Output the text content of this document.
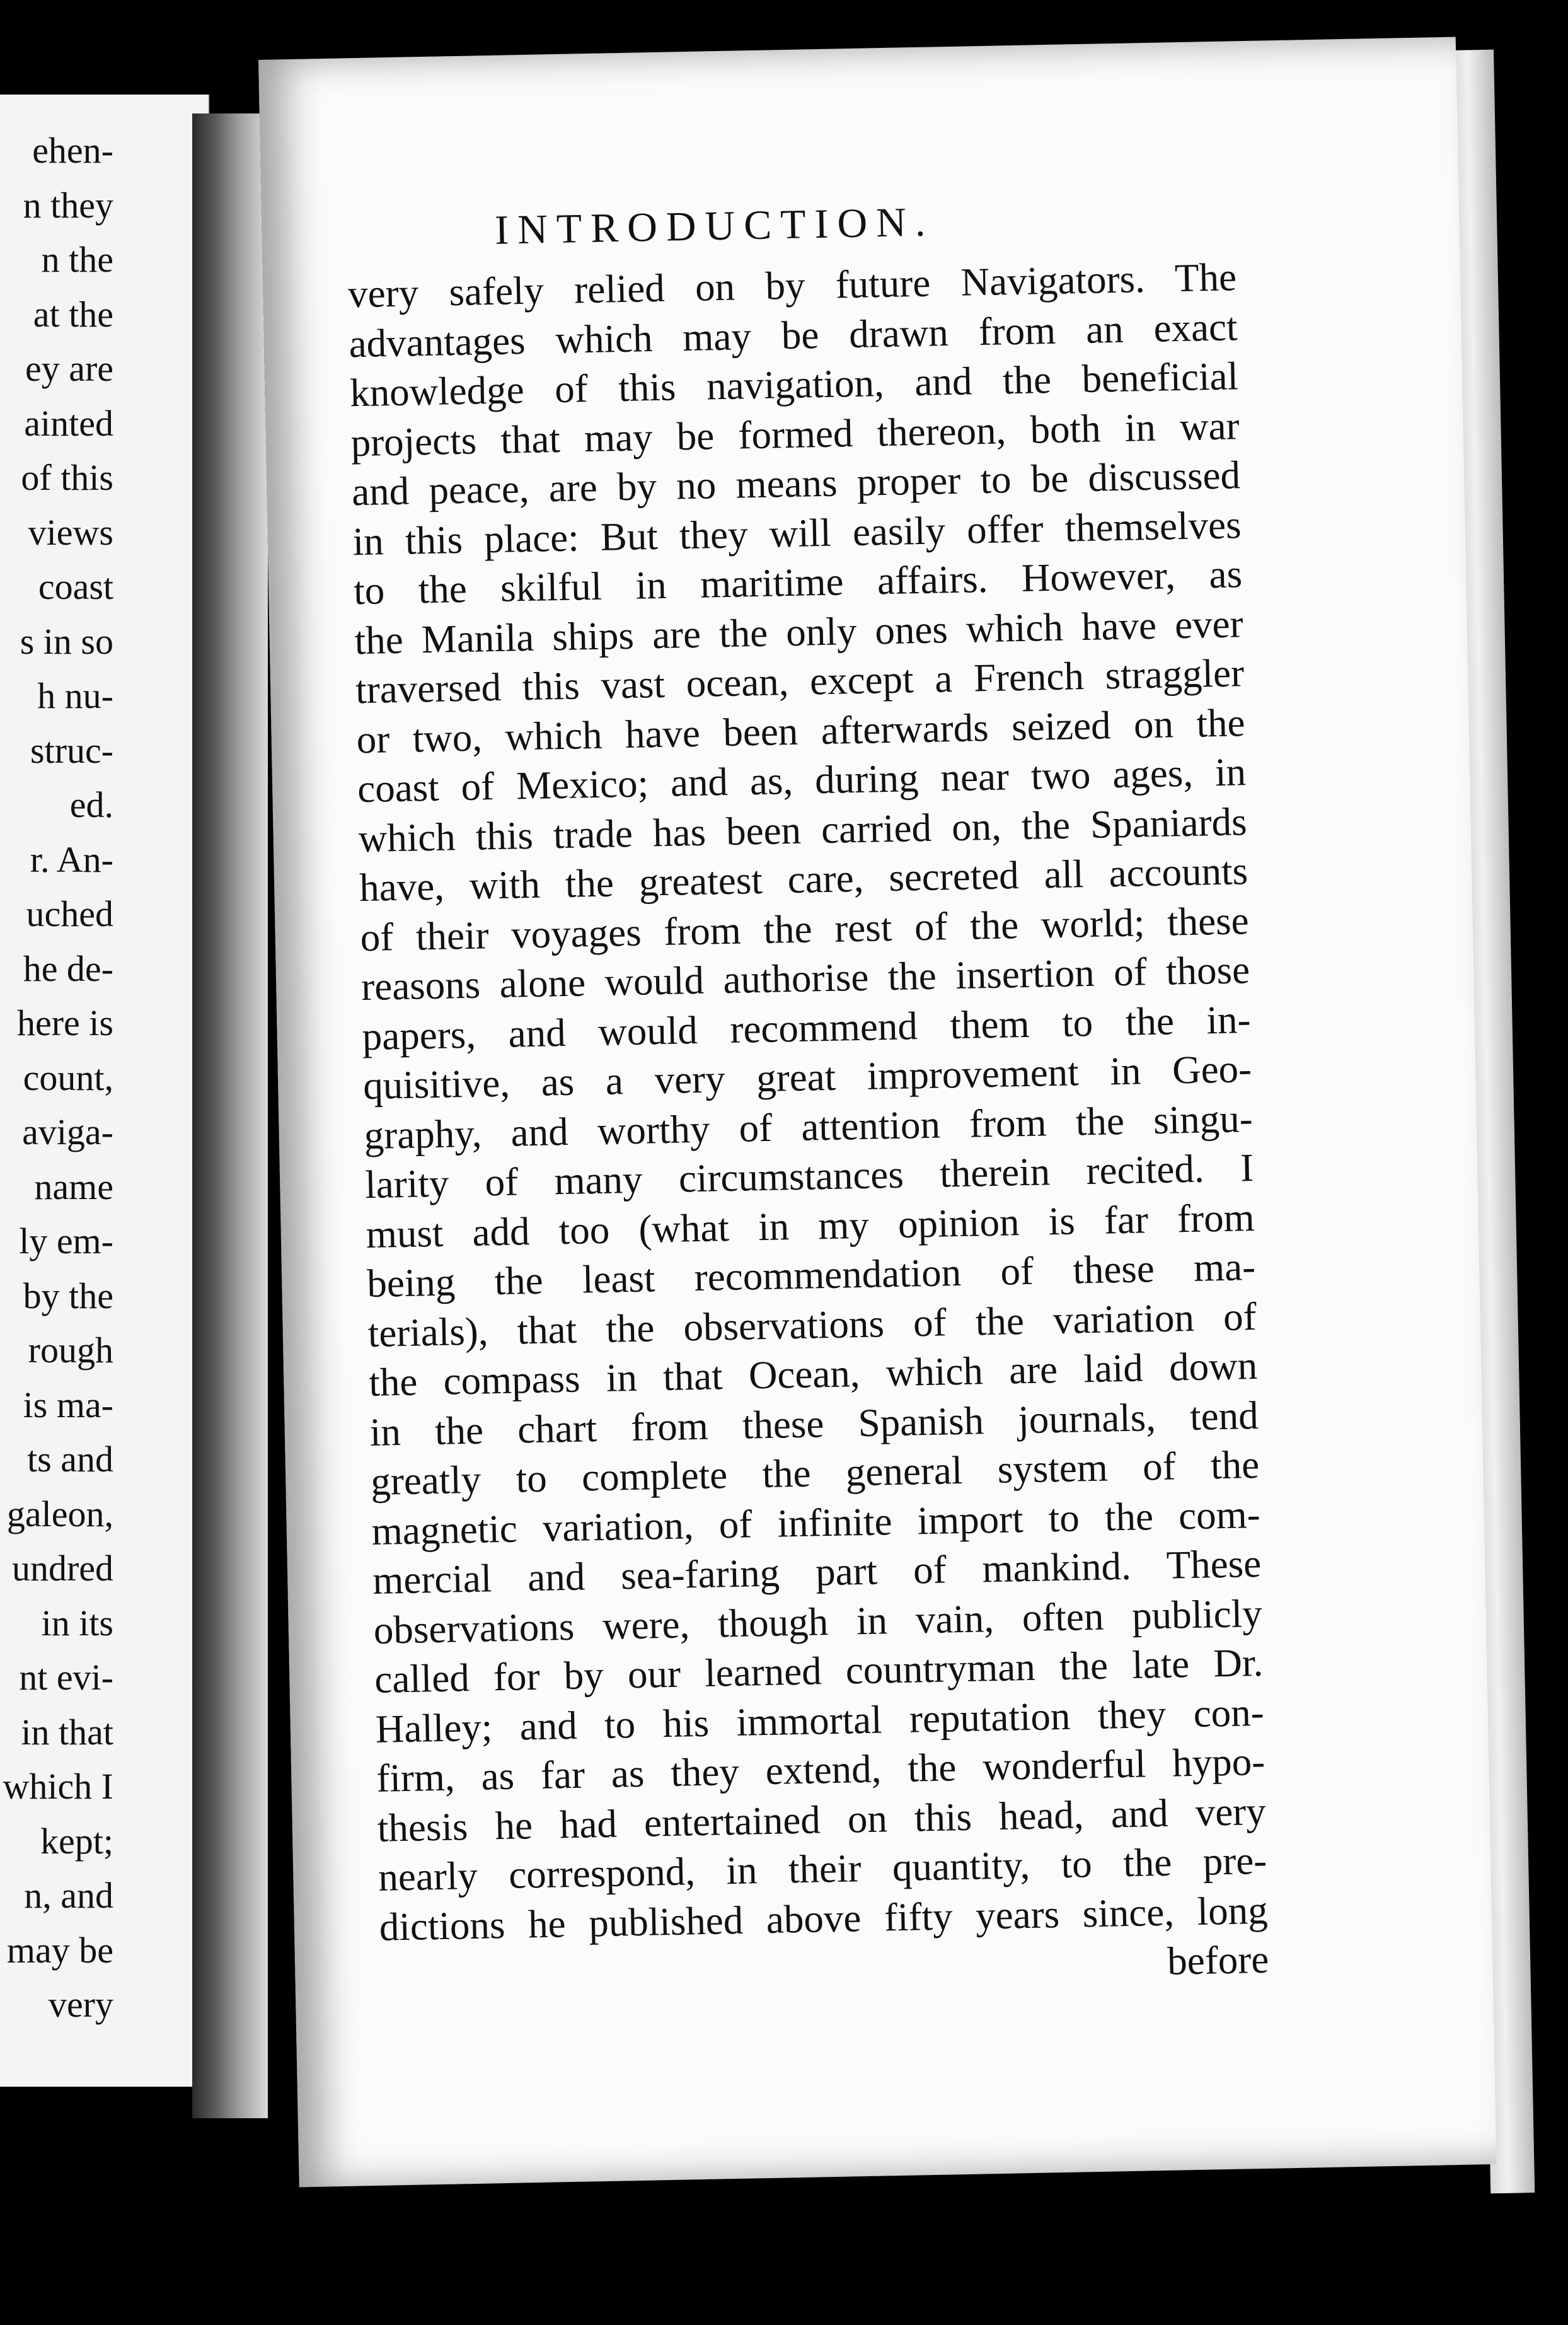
ehen-
n they
n the
at the
ey are
ainted
of this
views
coast
s in so
h nu-
struc-
ed.
r. An-
uched
he de-
here is
count,
aviga-
name
ly em-
by the
rough
is ma-
ts and
galeon,
undred
in its
nt evi-
in that
which I
kept;
n, and
may be
very
INTRODUCTION.
very safely relied on by future Navigators. The
advantages which may be drawn from an exact
knowledge of this navigation, and the beneficial
projects that may be formed thereon, both in war
and peace, are by no means proper to be discussed
in this place: But they will easily offer themselves
to the skilful in maritime affairs. However, as
the Manila ships are the only ones which have ever
traversed this vast ocean, except a French straggler
or two, which have been afterwards seized on the
coast of Mexico; and as, during near two ages, in
which this trade has been carried on, the Spaniards
have, with the greatest care, secreted all accounts
of their voyages from the rest of the world; these
reasons alone would authorise the insertion of those
papers, and would recommend them to the in-
quisitive, as a very great improvement in Geo-
graphy, and worthy of attention from the singu-
larity of many circumstances therein recited. I
must add too (what in my opinion is far from
being the least recommendation of these ma-
terials), that the observations of the variation of
the compass in that Ocean, which are laid down
in the chart from these Spanish journals, tend
greatly to complete the general system of the
magnetic variation, of infinite import to the com-
mercial and sea-faring part of mankind. These
observations were, though in vain, often publicly
called for by our learned countryman the late Dr.
Halley; and to his immortal reputation they con-
firm, as far as they extend, the wonderful hypo-
thesis he had entertained on this head, and very
nearly correspond, in their quantity, to the pre-
dictions he published above fifty years since, long
before
